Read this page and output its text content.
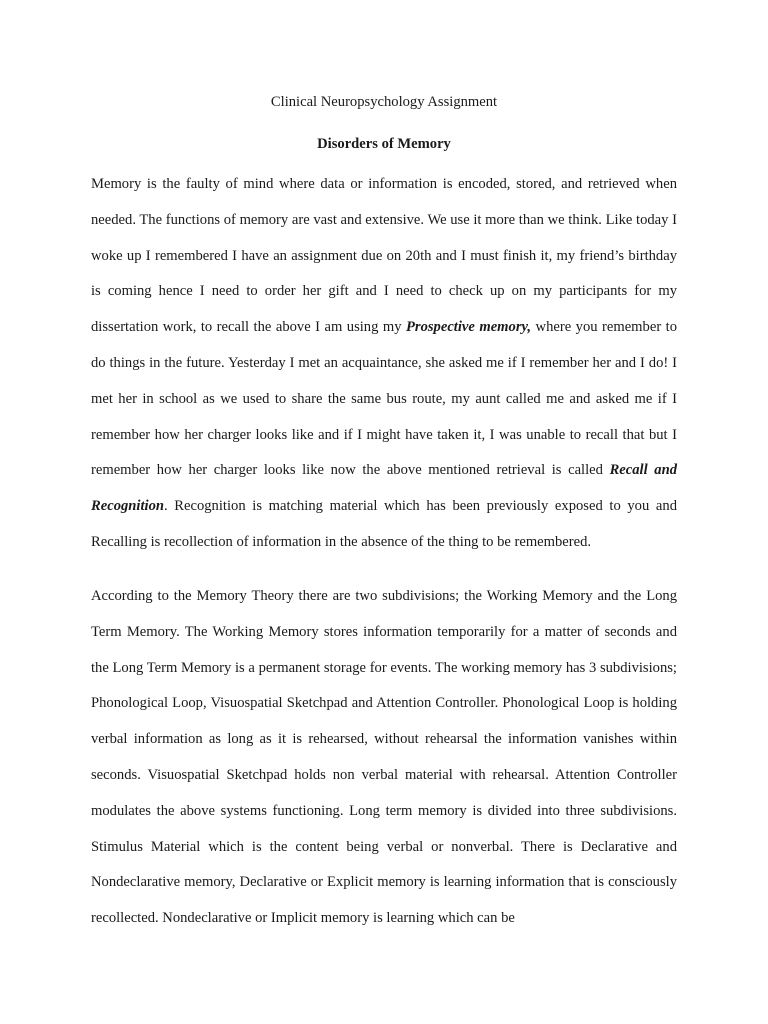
Clinical Neuropsychology Assignment
Disorders of Memory

Memory is the faulty of mind where data or information is encoded, stored, and retrieved when needed. The functions of memory are vast and extensive. We use it more than we think. Like today I woke up I remembered I have an assignment due on 20th and I must finish it, my friend’s birthday is coming hence I need to order her gift and I need to check up on my participants for my dissertation work, to recall the above I am using my Prospective memory, where you remember to do things in the future. Yesterday I met an acquaintance, she asked me if I remember her and I do! I met her in school as we used to share the same bus route, my aunt called me and asked me if I remember how her charger looks like and if I might have taken it, I was unable to recall that but I remember how her charger looks like now the above mentioned retrieval is called Recall and Recognition. Recognition is matching material which has been previously exposed to you and Recalling is recollection of information in the absence of the thing to be remembered.

According to the Memory Theory there are two subdivisions; the Working Memory and the Long Term Memory. The Working Memory stores information temporarily for a matter of seconds and the Long Term Memory is a permanent storage for events. The working memory has 3 subdivisions; Phonological Loop, Visuospatial Sketchpad and Attention Controller. Phonological Loop is holding verbal information as long as it is rehearsed, without rehearsal the information vanishes within seconds. Visuospatial Sketchpad holds non verbal material with rehearsal. Attention Controller modulates the above systems functioning. Long term memory is divided into three subdivisions. Stimulus Material which is the content being verbal or nonverbal. There is Declarative and Nondeclarative memory, Declarative or Explicit memory is learning information that is consciously recollected. Nondeclarative or Implicit memory is learning which can be
